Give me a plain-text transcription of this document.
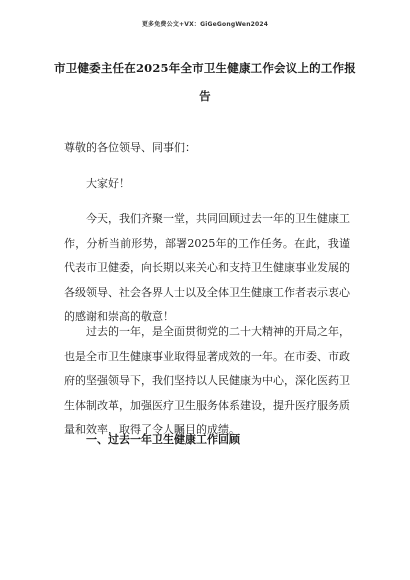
更多免费公文+VX：GiGeGongWen2024
市卫健委主任在2025年全市卫生健康工作会议上的工作报告

尊敬的各位领导、同事们：

大家好！

今天，我们齐聚一堂，共同回顾过去一年的卫生健康工作，分析当前形势，部署2025年的工作任务。在此，我谨代表市卫健委，向长期以来关心和支持卫生健康事业发展的各级领导、社会各界人士以及全体卫生健康工作者表示衷心的感谢和崇高的敬意！

过去的一年，是全面贯彻党的二十大精神的开局之年，也是全市卫生健康事业取得显著成效的一年。在市委、市政府的坚强领导下，我们坚持以人民健康为中心，深化医药卫生体制改革，加强医疗卫生服务体系建设，提升医疗服务质量和效率，取得了令人瞩目的成绩。

一、过去一年卫生健康工作回顾
